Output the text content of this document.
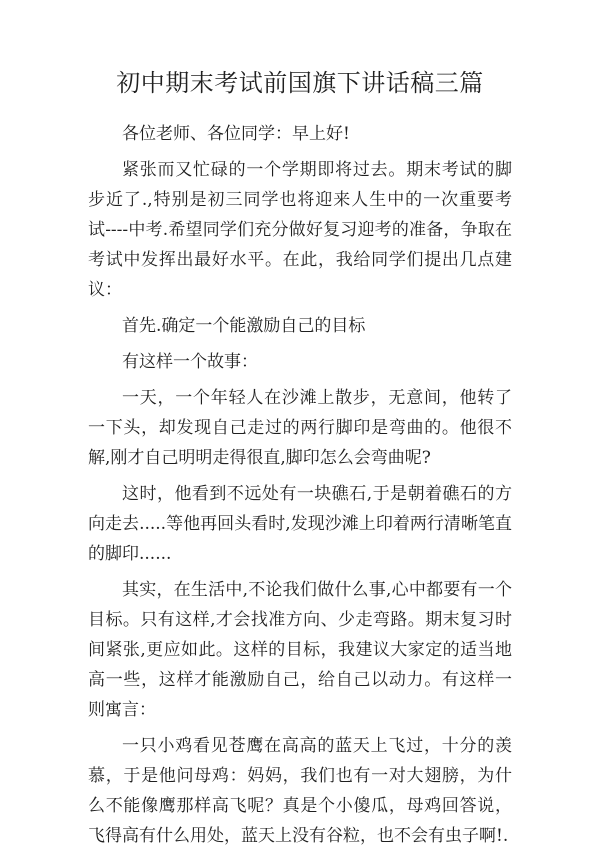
初中期末考试前国旗下讲话稿三篇

各位老师、各位同学：早上好!

紧张而又忙碌的一个学期即将过去。期末考试的脚步近了.,特别是初三同学也将迎来人生中的一次重要考试----中考.希望同学们充分做好复习迎考的准备，争取在考试中发挥出最好水平。在此，我给同学们提出几点建议：

首先.确定一个能激励自己的目标

有这样一个故事：

一天，一个年轻人在沙滩上散步，无意间，他转了一下头，却发现自己走过的两行脚印是弯曲的。他很不解,刚才自己明明走得很直,脚印怎么会弯曲呢?

这时，他看到不远处有一块礁石,于是朝着礁石的方向走去.....等他再回头看时,发现沙滩上印着两行清晰笔直的脚印......

其实，在生活中,不论我们做什么事,心中都要有一个目标。只有这样,才会找准方向、少走弯路。期末复习时间紧张,更应如此。这样的目标，我建议大家定的适当地高一些，这样才能激励自己，给自己以动力。有这样一则寓言：

一只小鸡看见苍鹰在高高的蓝天上飞过，十分的羡慕，于是他问母鸡：妈妈，我们也有一对大翅膀，为什么不能像鹰那样高飞呢？真是个小傻瓜，母鸡回答说，飞得高有什么用处，蓝天上没有谷粒，也不会有虫子啊!.
